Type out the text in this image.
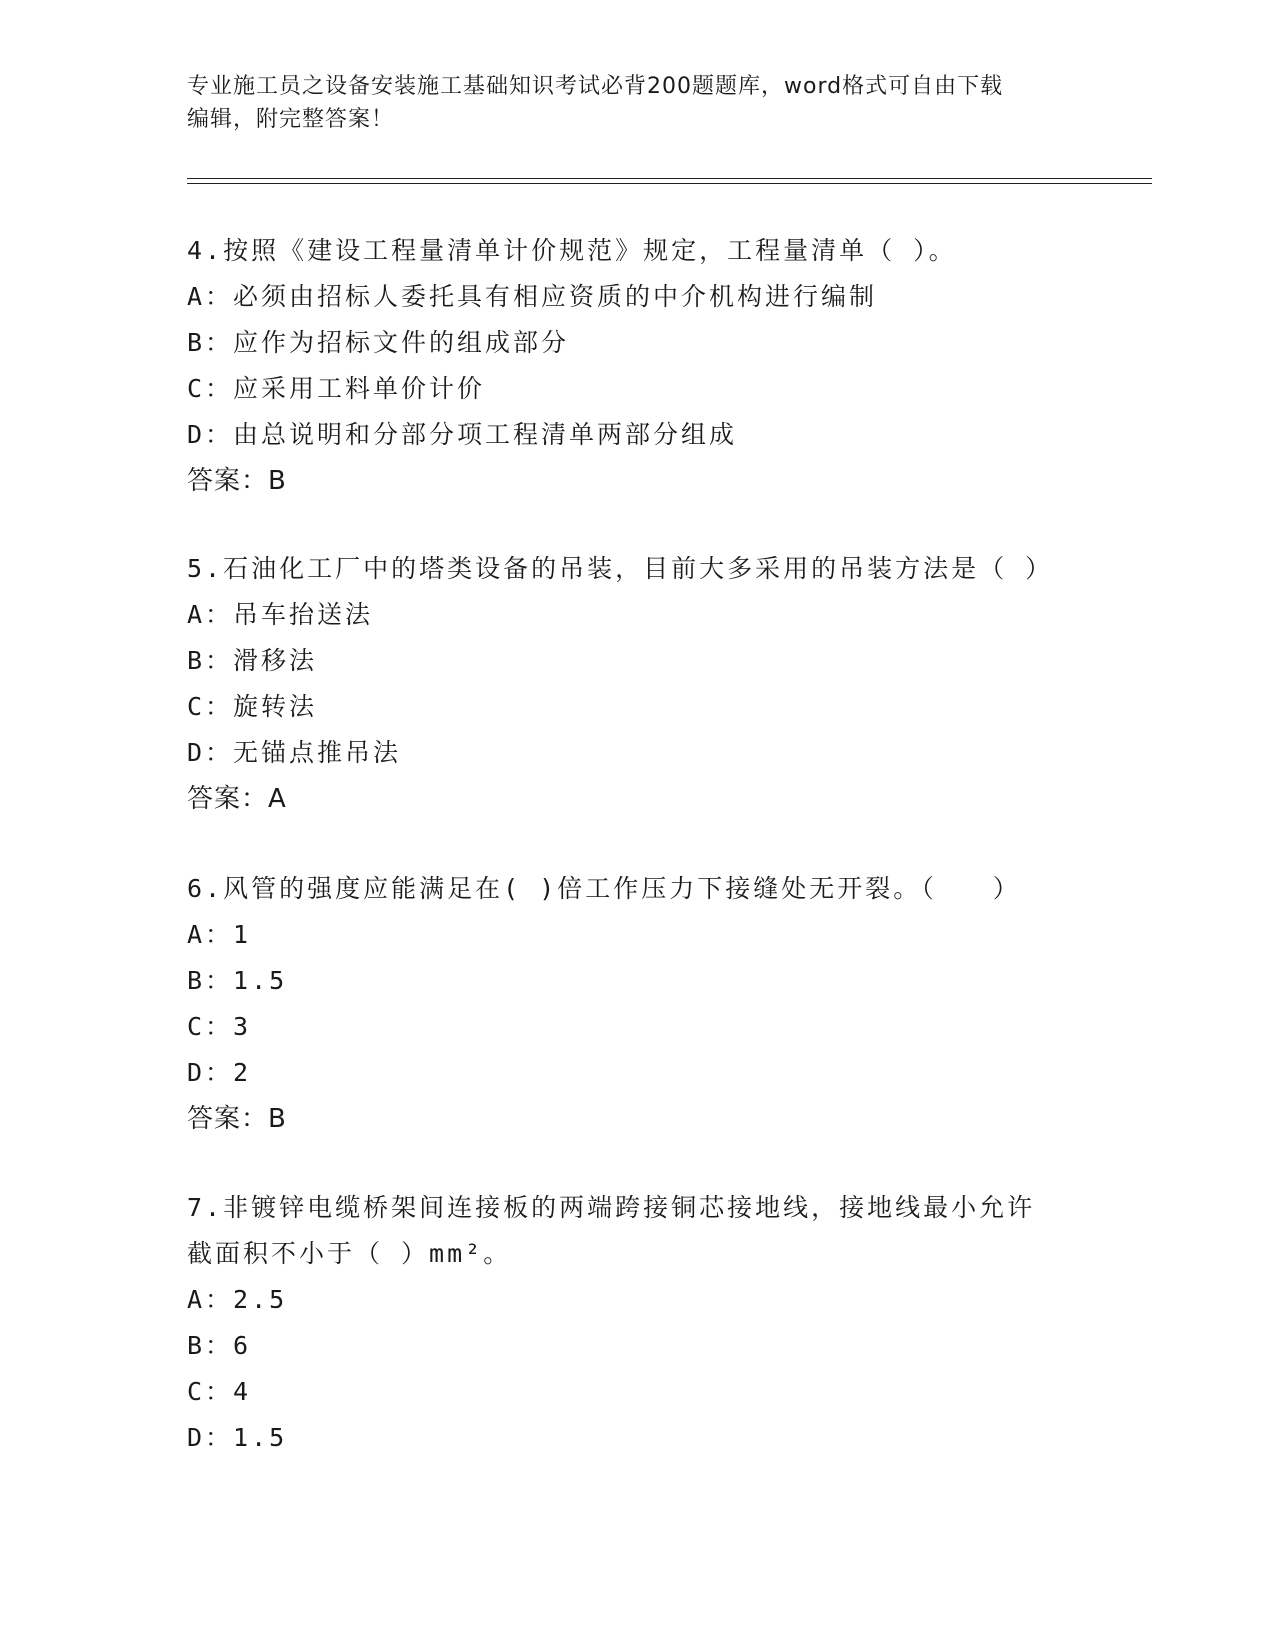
专业施工员之设备安装施工基础知识考试必背200题题库，word格式可自由下载
编辑，附完整答案！
4.按照《建设工程量清单计价规范》规定，工程量清单（ ）。
A：必须由招标人委托具有相应资质的中介机构进行编制
B：应作为招标文件的组成部分
C：应采用工料单价计价
D：由总说明和分部分项工程清单两部分组成
答案：B
5.石油化工厂中的塔类设备的吊装，目前大多采用的吊装方法是（ ）
A：吊车抬送法
B：滑移法
C：旋转法
D：无锚点推吊法
答案：A
6.风管的强度应能满足在( )倍工作压力下接缝处无开裂。（　　）
A：1
B：1.5
C：3
D：2
答案：B
7.非镀锌电缆桥架间连接板的两端跨接铜芯接地线，接地线最小允许
截面积不小于（ ）mm²。
A：2.5
B：6
C：4
D：1.5
